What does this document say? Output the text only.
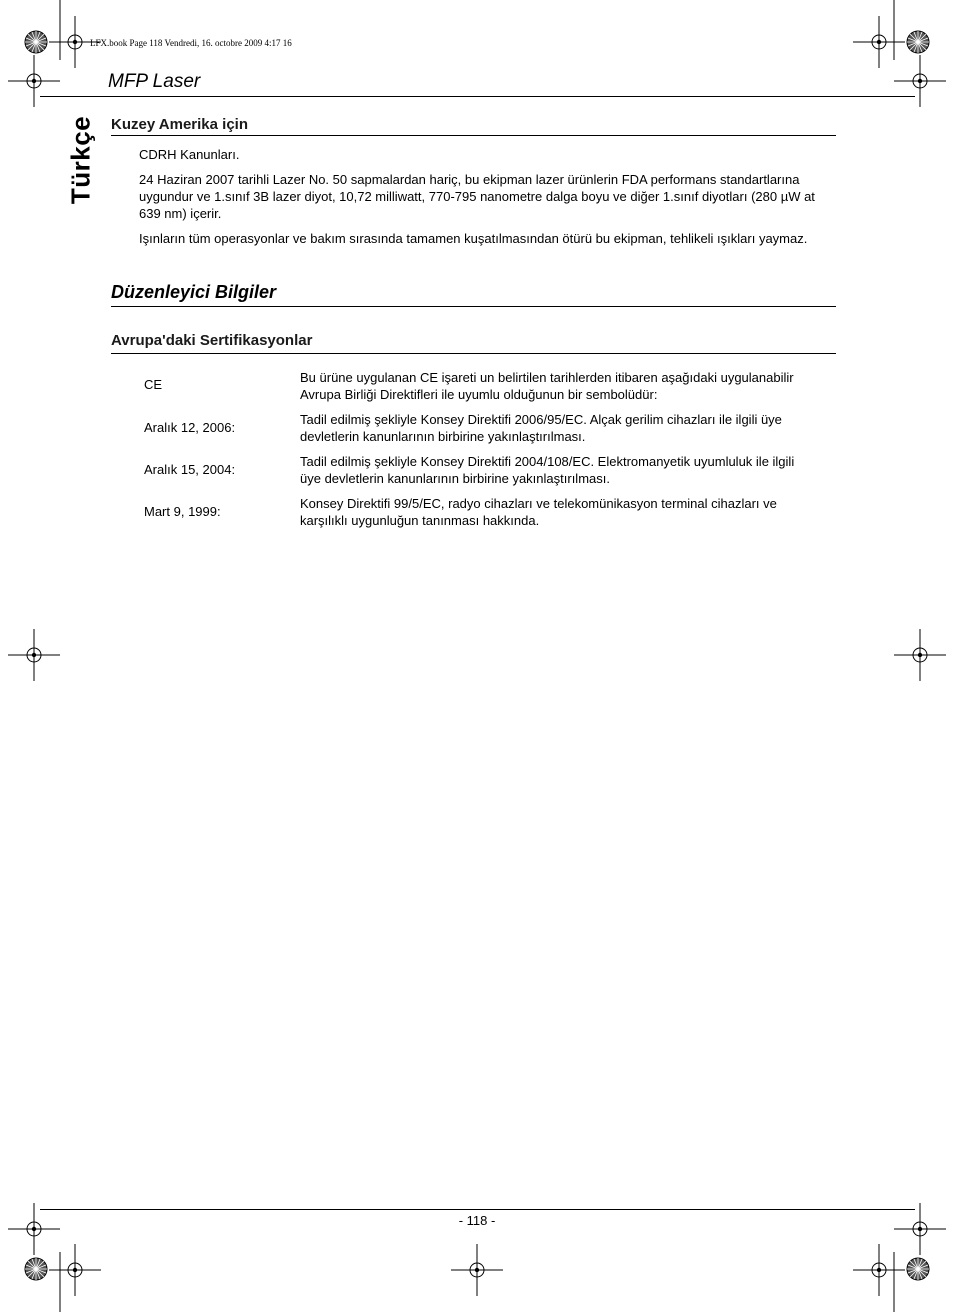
LFX.book Page 118 Vendredi, 16. octobre 2009 4:17 16
MFP Laser
Türkçe Kuzey Amerika için
CDRH Kanunları.
24 Haziran 2007 tarihli Lazer No. 50 sapmalardan hariç, bu ekipman lazer ürünlerin FDA performans standartlarına uygundur ve 1.sınıf 3B lazer diyot, 10,72 milliwatt, 770-795 nanometre dalga boyu ve diğer 1.sınıf diyotları (280 µW at 639 nm) içerir.
Işınların tüm operasyonlar ve bakım sırasında tamamen kuşatılmasından ötürü bu ekipman, tehlikeli ışıkları yaymaz.
Düzenleyici Bilgiler
Avrupa'daki Sertifikasyonlar
CE	Bu ürüne uygulanan CE işareti un belirtilen tarihlerden itibaren aşağıdaki uygulanabilir Avrupa Birliği Direktifleri ile uyumlu olduğunun bir sembolüdür:
Aralık 12, 2006:
Tadil edilmiş şekliyle Konsey Direktifi 2006/95/EC. Alçak gerilim cihazları ile ilgili üye devletlerin kanunlarının birbirine yakınlaştırılması.
Aralık 15, 2004:
Tadil edilmiş şekliyle Konsey Direktifi 2004/108/EC. Elektromanyetik uyumluluk ile ilgili üye devletlerin kanunlarının birbirine yakınlaştırılması.
Mart 9, 1999:
Konsey Direktifi 99/5/EC, radyo cihazları ve telekomünikasyon terminal cihazları ve karşılıklı uygunluğun tanınması hakkında.
- 118 -
